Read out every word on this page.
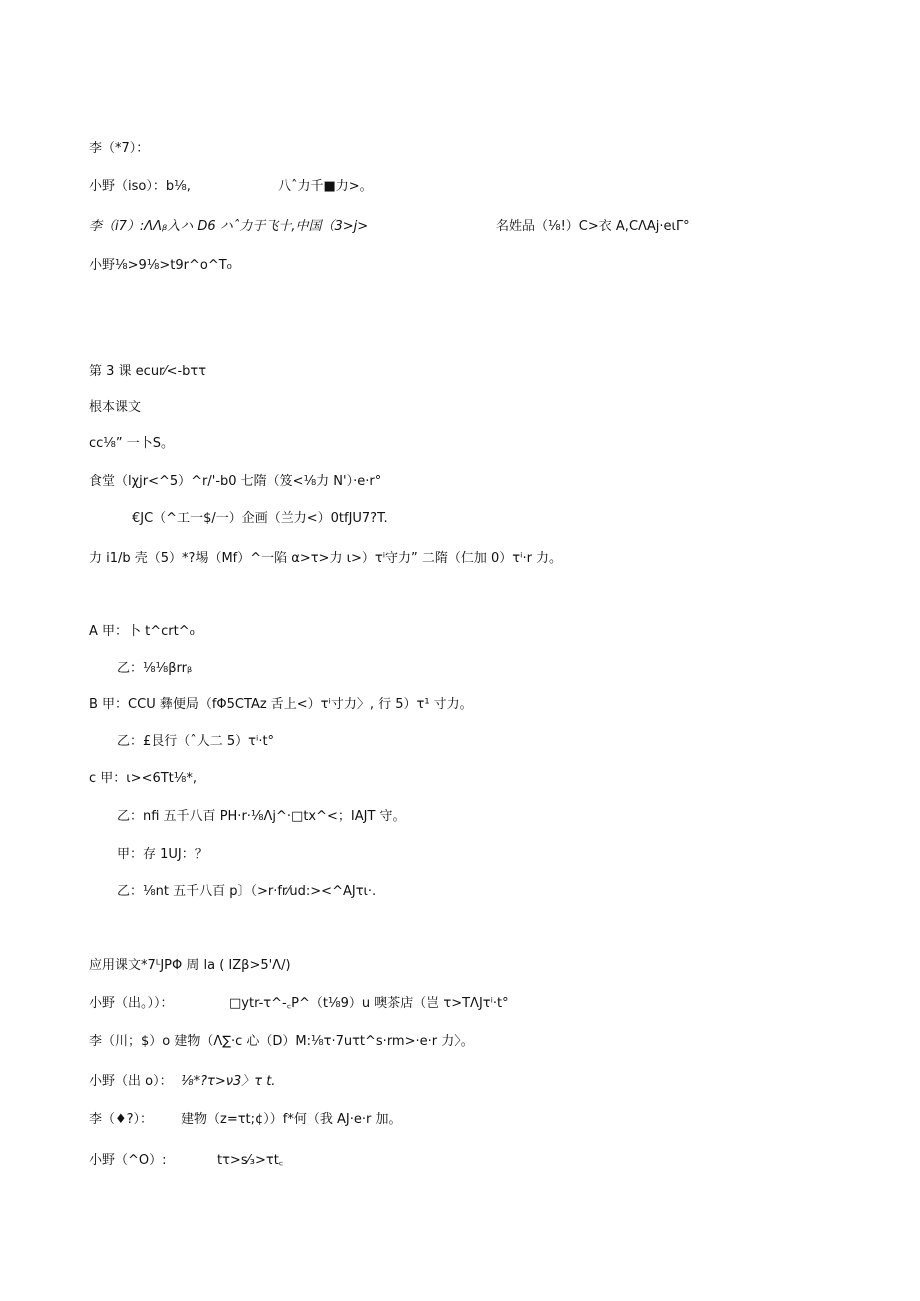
李（*7）：
小野（iso）：b⅛,	八ˆ力千■力>。
李（i7）:ΛΛᵦ入ハ D6 ハˆ力于飞十,中国（3>j>	名姓品（⅛!）C>衣 A,CΛAj·eιΓ°
小野⅛>9⅛>t9r^o^T₀
第 3 课 ecur⁄<-bττ
根本课文
cc⅛” 一卜S。
食堂（lχjr<^5）^r/'-b0 七隋（笈<⅛力 N'）·e·r°
€JC（^工一$/一）企画（兰力<）0tfJU7?T.
力 i1/b 壳（5）*?埸（Mf）^一陷 α>τ>力 ι>）τⁱ守力” 二隋（仁加 0）τⁱ·r 力。
A 甲：卜 t^crt^₀
乙：⅛⅛βrrᵦ
B 甲：CCU 彝便局（fΦ5CTAz 舌上<）τⁱ寸力〉, 行 5）τ¹ 寸力。
乙：£艮行（ˆ人二 5）τⁱ·t°
c 甲：ι><6Tt⅛*,
乙：nfi 五千八百 PH·r·⅛Λj^·□tx^<；IAJT 守。
甲：存 1UJ：？
乙：⅛nt 五千八百 p〕（>r·fr⁄ud:><^AJτι·.
应用课文*7ᴸJPΦ 周 la ( IZβ>5'Λ/)
小野（出。））：	□ytr-τ^-꜀P^（t⅛9）u 噢茶店（岂 τ>TΛJτⁱ·t°
李（川；$）o 建物（Λ∑·c 心（D）M:⅛τ·7uτt^s·rm>·e·r 力〉。
小野（出 o）： ⅛*?τ>ν3〉τ t.
李（♦?）： 建物（z=τt;¢））f*何（我 AJ·e·r 加。
小野（^O）:	tτ>s⁄₃>τt꜀
